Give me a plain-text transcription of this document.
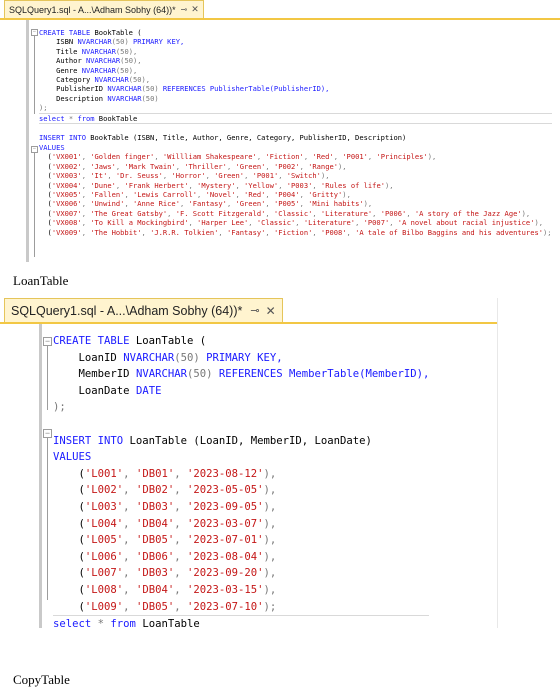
SQLQuery1.sql - A...\Adham Sobhy (64))* ⊸ ✕
CREATE TABLE BookTable (
ISBN NVARCHAR(50) PRIMARY KEY,
Title NVARCHAR(50),
Author NVARCHAR(50),
Genre NVARCHAR(50),
Category NVARCHAR(50),
PublisherID NVARCHAR(50) REFERENCES PublisherTable(PublisherID),
Description NVARCHAR(50)
);
select * from BookTable

INSERT INTO BookTable (ISBN, Title, Author, Genre, Category, PublisherID, Description)
VALUES
('VX001', 'Golden finger', 'Willliam Shakespeare', 'Fiction', 'Red', 'P001', 'Principles'),
('VX002', 'Jaws', 'Mark Twain', 'Thriller', 'Green', 'P002', 'Range'),
('VX003', 'It', 'Dr. Seuss', 'Horror', 'Green', 'P001', 'Switch'),
('VX004', 'Dune', 'Frank Herbert', 'Mystery', 'Yellow', 'P003', 'Rules of life'),
('VX005', 'Fallen', 'Lewis Carroll', 'Novel', 'Red', 'P004', 'Gritty'),
('VX006', 'Unwind', 'Anne Rice', 'Fantasy', 'Green', 'P005', 'Mini habits'),
('VX007', 'The Great Gatsby', 'F. Scott Fitzgerald', 'Classic', 'Literature', 'P006', 'A story of the Jazz Age'),
('VX008', 'To Kill a Mockingbird', 'Harper Lee', 'Classic', 'Literature', 'P007', 'A novel about racial injustice'),
('VX009', 'The Hobbit', 'J.R.R. Tolkien', 'Fantasy', 'Fiction', 'P008', 'A tale of Bilbo Baggins and his adventures');
−
−
LoanTable
SQLQuery1.sql - A...\Adham Sobhy (64))* ⊸ ✕
CREATE TABLE LoanTable (
LoanID NVARCHAR(50) PRIMARY KEY,
MemberID NVARCHAR(50) REFERENCES MemberTable(MemberID),
LoanDate DATE
);

INSERT INTO LoanTable (LoanID, MemberID, LoanDate)
VALUES
('L001', 'DB01', '2023-08-12'),
('L002', 'DB02', '2023-05-05'),
('L003', 'DB03', '2023-09-05'),
('L004', 'DB04', '2023-03-07'),
('L005', 'DB05', '2023-07-01'),
('L006', 'DB06', '2023-08-04'),
('L007', 'DB03', '2023-09-20'),
('L008', 'DB04', '2023-03-15'),
('L009', 'DB05', '2023-07-10');
select * from LoanTable
−
−
CopyTable
